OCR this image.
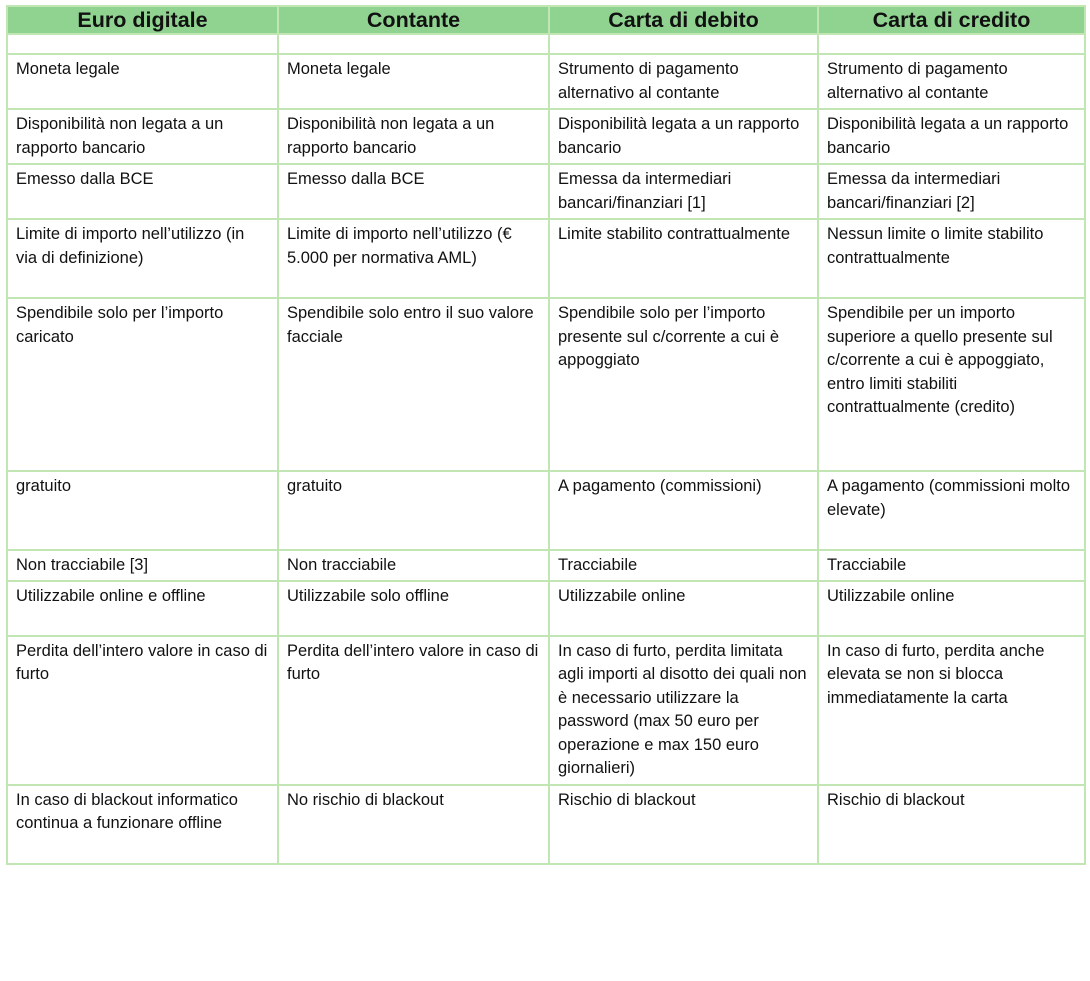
Euro digitale	Contante	Carta di debito	Carta di credito

Moneta legale	Moneta legale	Strumento di pagamento alternativo al contante	Strumento di pagamento alternativo al contante
Disponibilità non legata a un rapporto bancario	Disponibilità non legata a un rapporto bancario	Disponibilità legata a un rapporto bancario	Disponibilità legata a un rapporto bancario
Emesso dalla BCE	Emesso dalla BCE	Emessa da intermediari bancari/finanziari [1]	Emessa da intermediari bancari/finanziari [2]
Limite di importo nell’utilizzo (in via di definizione)	Limite di importo nell’utilizzo (€ 5.000 per normativa AML)	Limite stabilito contrattualmente	Nessun limite o limite stabilito contrattualmente
Spendibile solo per l’importo caricato	Spendibile solo entro il suo valore facciale	Spendibile solo per l’importo presente sul c/corrente a cui è appoggiato	Spendibile per un importo superiore a quello presente sul c/corrente a cui è appoggiato, entro limiti stabiliti contrattualmente (credito)
gratuito	gratuito	A pagamento (commissioni)	A pagamento (commissioni molto elevate)
Non tracciabile [3]	Non tracciabile	Tracciabile	Tracciabile
Utilizzabile online e offline	Utilizzabile solo offline	Utilizzabile online	Utilizzabile online
Perdita dell’intero valore in caso di furto	Perdita dell’intero valore in caso di furto	In caso di furto, perdita limitata agli importi al disotto dei quali non è necessario utilizzare la password (max 50 euro per operazione e max 150 euro giornalieri)	In caso di furto, perdita anche elevata se non si blocca immediatamente la carta
In caso di blackout informatico continua a funzionare offline	No rischio di blackout	Rischio di blackout	Rischio di blackout
